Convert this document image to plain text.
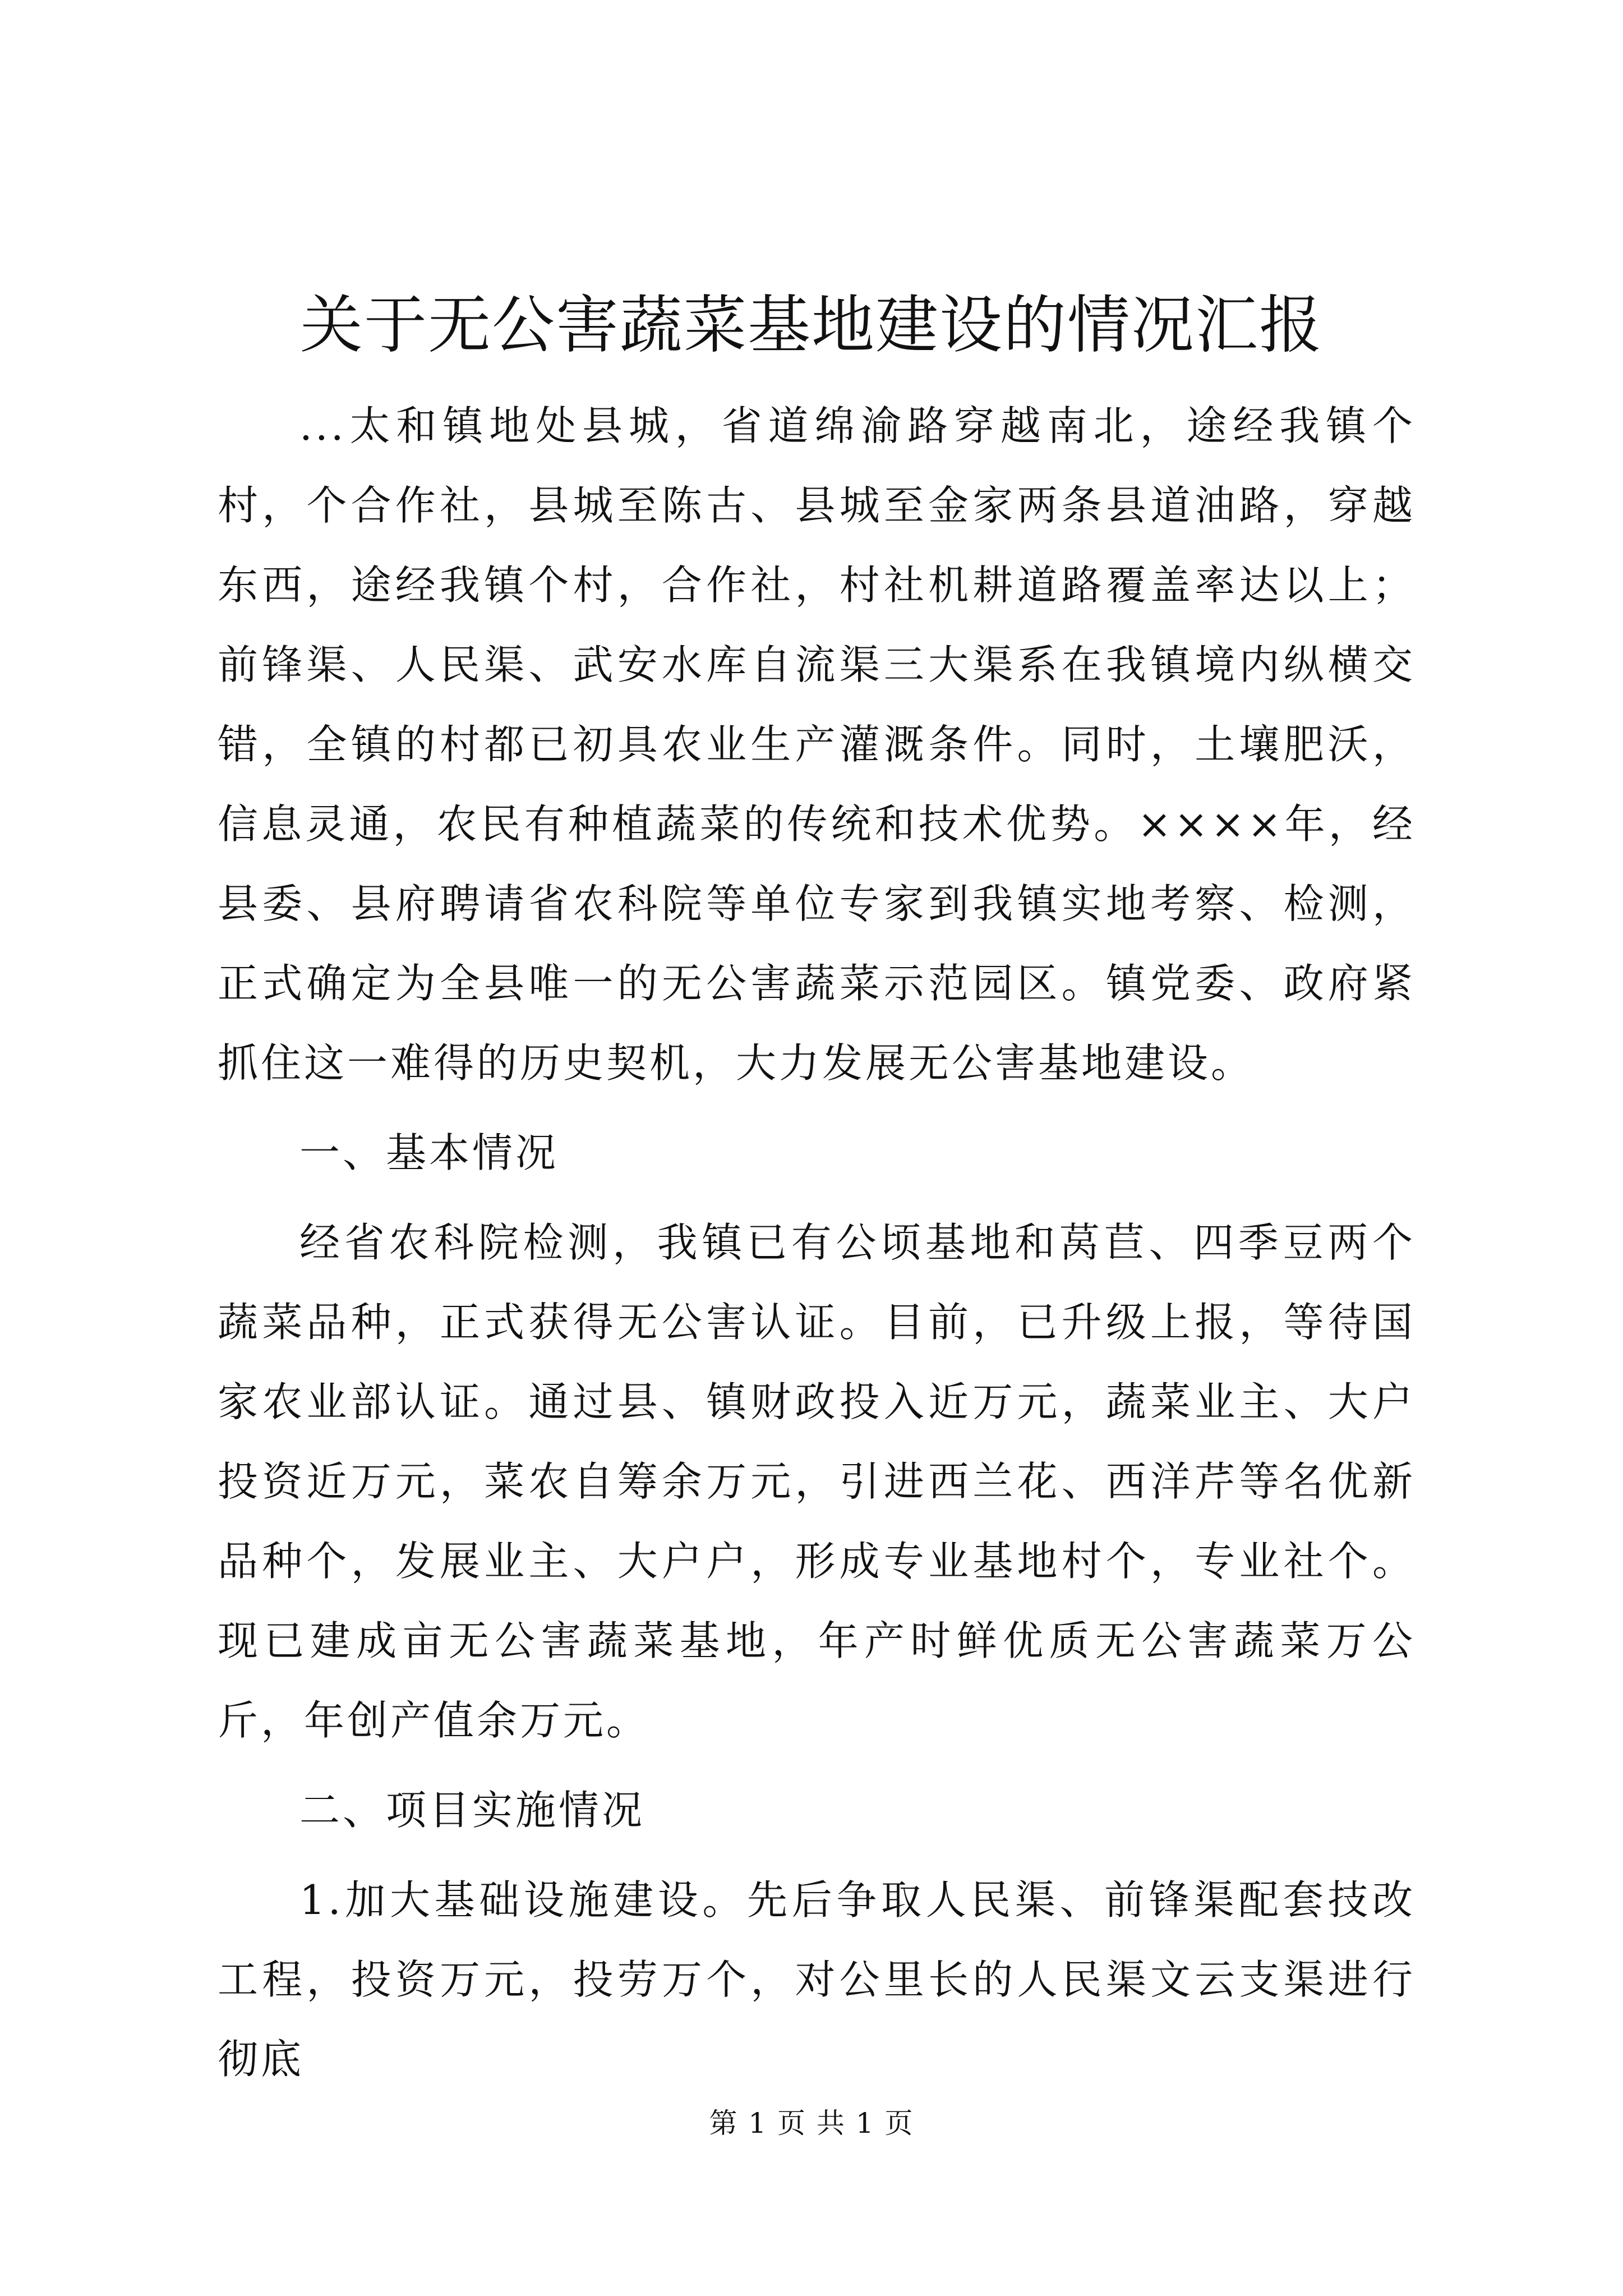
关于无公害蔬菜基地建设的情况汇报

...太和镇地处县城，省道绵渝路穿越南北，途经我镇个村，个合作社，县城至陈古、县城至金家两条县道油路，穿越东西，途经我镇个村，合作社，村社机耕道路覆盖率达以上；前锋渠、人民渠、武安水库自流渠三大渠系在我镇境内纵横交错，全镇的村都已初具农业生产灌溉条件。同时，土壤肥沃，信息灵通，农民有种植蔬菜的传统和技术优势。××××年，经县委、县府聘请省农科院等单位专家到我镇实地考察、检测，正式确定为全县唯一的无公害蔬菜示范园区。镇党委、政府紧抓住这一难得的历史契机，大力发展无公害基地建设。

一、基本情况

经省农科院检测，我镇已有公顷基地和莴苣、四季豆两个蔬菜品种，正式获得无公害认证。目前，已升级上报，等待国家农业部认证。通过县、镇财政投入近万元，蔬菜业主、大户投资近万元，菜农自筹余万元，引进西兰花、西洋芹等名优新品种个，发展业主、大户户，形成专业基地村个，专业社个。现已建成亩无公害蔬菜基地，年产时鲜优质无公害蔬菜万公斤，年创产值余万元。

二、项目实施情况

1.加大基础设施建设。先后争取人民渠、前锋渠配套技改工程，投资万元，投劳万个，对公里长的人民渠文云支渠进行彻底

第 1 页 共 1 页
